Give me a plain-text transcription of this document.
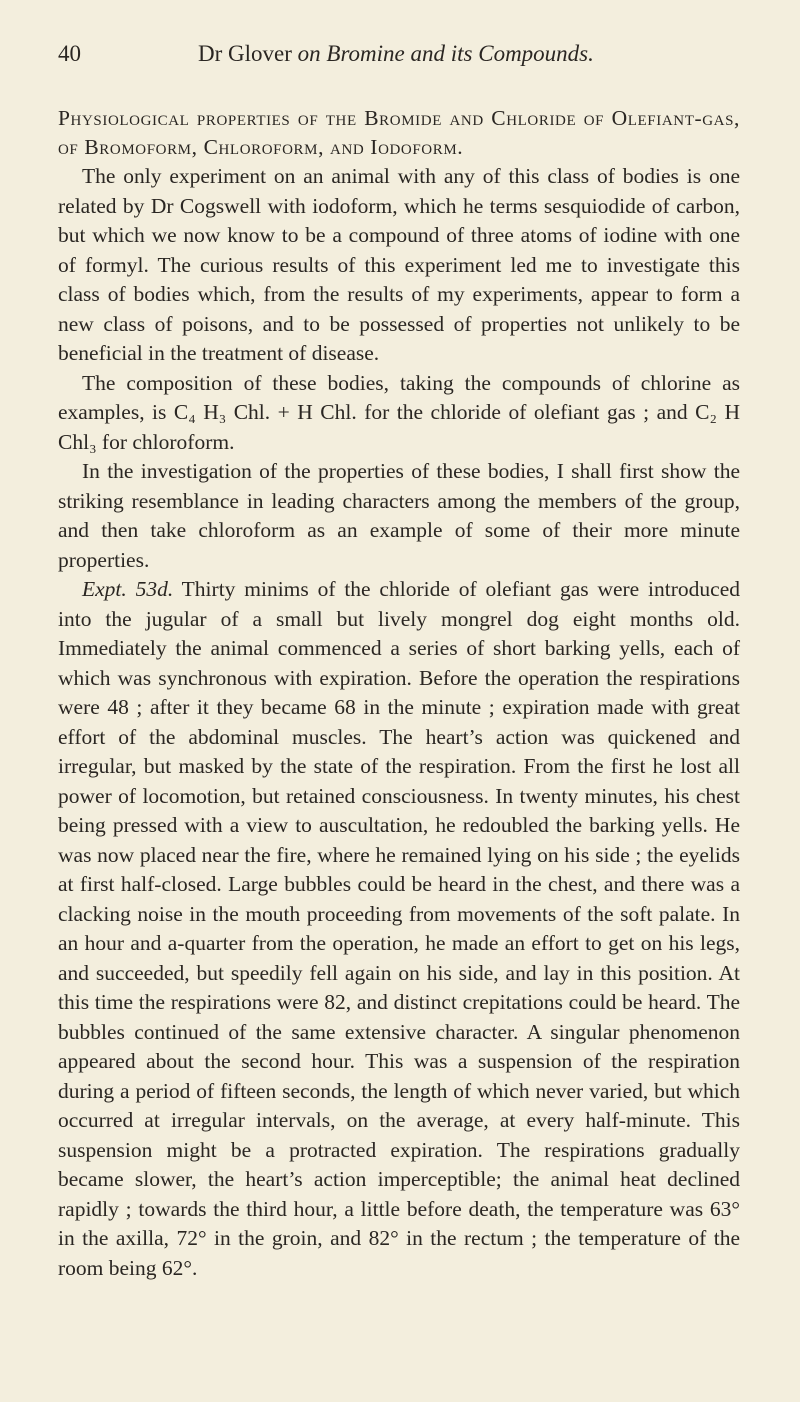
40	Dr Glover on Bromine and its Compounds.
Physiological properties of the Bromide and Chloride of Olefiant-gas, of Bromoform, Chloroform, and Iodoform.

The only experiment on an animal with any of this class of bodies is one related by Dr Cogswell with iodoform, which he terms sesquiodide of carbon, but which we now know to be a compound of three atoms of iodine with one of formyl. The curious results of this experiment led me to investigate this class of bodies which, from the results of my experiments, appear to form a new class of poisons, and to be possessed of properties not unlikely to be beneficial in the treatment of disease.

The composition of these bodies, taking the compounds of chlorine as examples, is C₄ H₃ Chl. + H Chl. for the chloride of olefiant gas ; and C₂ H Chl₃ for chloroform.

In the investigation of the properties of these bodies, I shall first show the striking resemblance in leading characters among the members of the group, and then take chloroform as an example of some of their more minute properties.

Expt. 53d. Thirty minims of the chloride of olefiant gas were introduced into the jugular of a small but lively mongrel dog eight months old. Immediately the animal commenced a series of short barking yells, each of which was synchronous with expiration. Before the operation the respirations were 48 ; after it they became 68 in the minute ; expiration made with great effort of the abdominal muscles. The heart’s action was quickened and irregular, but masked by the state of the respiration. From the first he lost all power of locomotion, but retained consciousness. In twenty minutes, his chest being pressed with a view to auscultation, he redoubled the barking yells. He was now placed near the fire, where he remained lying on his side ; the eyelids at first half-closed. Large bubbles could be heard in the chest, and there was a clacking noise in the mouth proceeding from movements of the soft palate. In an hour and a-quarter from the operation, he made an effort to get on his legs, and succeeded, but speedily fell again on his side, and lay in this position. At this time the respirations were 82, and distinct crepitations could be heard. The bubbles continued of the same extensive character. A singular phenomenon appeared about the second hour. This was a suspension of the respiration during a period of fifteen seconds, the length of which never varied, but which occurred at irregular intervals, on the average, at every half-minute. This suspension might be a protracted expiration. The respirations gradually became slower, the heart’s action imperceptible; the animal heat declined rapidly ; towards the third hour, a little before death, the temperature was 63° in the axilla, 72° in the groin, and 82° in the rectum ; the temperature of the room being 62°.
